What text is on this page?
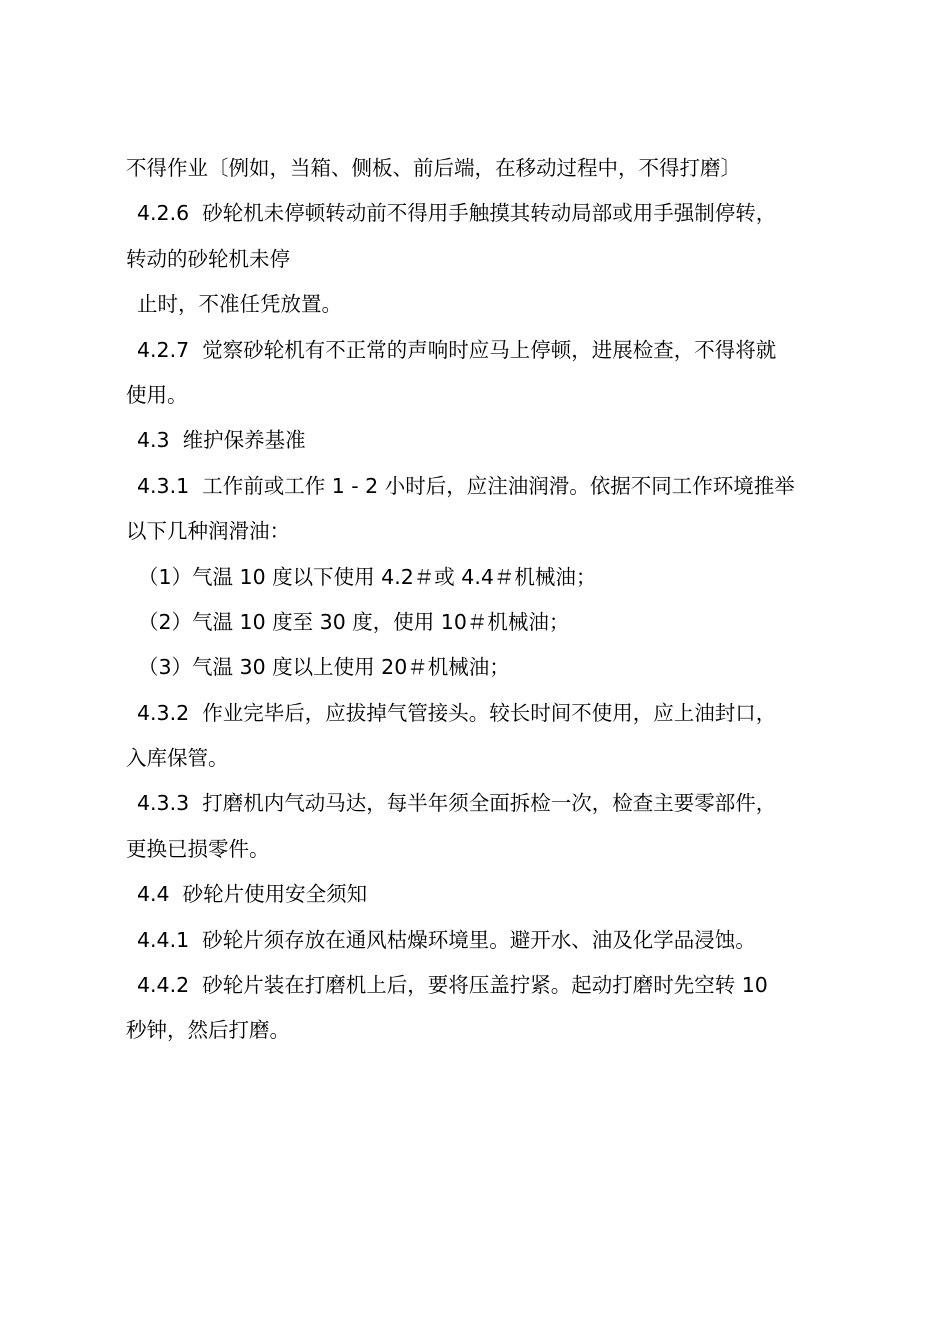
不得作业〔例如，当箱、侧板、前后端，在移动过程中，不得打磨〕

4.2.6  砂轮机未停顿转动前不得用手触摸其转动局部或用手强制停转，

转动的砂轮机未停

止时，不准任凭放置。

4.2.7  觉察砂轮机有不正常的声响时应马上停顿，进展检查，不得将就

使用。

4.3  维护保养基准

4.3.1  工作前或工作 1 - 2 小时后，应注油润滑。依据不同工作环境推举

以下几种润滑油：

（1）气温 10 度以下使用 4.2＃或 4.4＃机械油；

（2）气温 10 度至 30 度，使用 10＃机械油；

（3）气温 30 度以上使用 20＃机械油；

4.3.2  作业完毕后，应拔掉气管接头。较长时间不使用，应上油封口，

入库保管。

4.3.3  打磨机内气动马达，每半年须全面拆检一次，检查主要零部件，

更换已损零件。

4.4  砂轮片使用安全须知

4.4.1  砂轮片须存放在通风枯燥环境里。避开水、油及化学品浸蚀。

4.4.2  砂轮片装在打磨机上后，要将压盖拧紧。起动打磨时先空转 10

秒钟，然后打磨。
